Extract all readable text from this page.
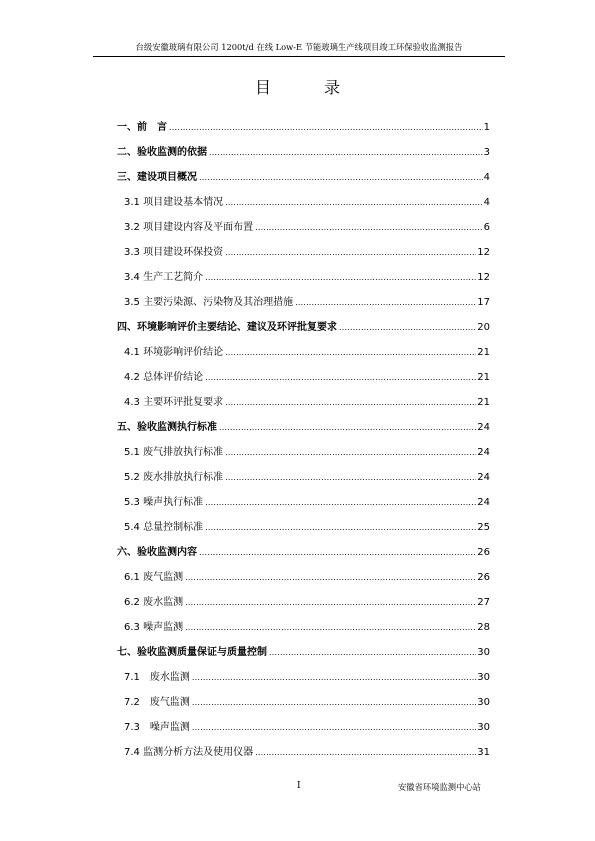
台级安徽玻璃有限公司 1200t/d 在线 Low-E 节能玻璃生产线项目竣工环保验收监测报告
目 录
一、前　言 .....	1
二、验收监测的依据 .....	3
三、建设项目概况 .....	4
3.1 项目建设基本情况 .....	4
3.2 项目建设内容及平面布置 .....	6
3.3 项目建设环保投资 .....	12
3.4 生产工艺简介 .....	12
3.5 主要污染源、污染物及其治理措施 .....	17
四、环境影响评价主要结论、建议及环评批复要求 .....	20
4.1 环境影响评价结论 .....	21
4.2 总体评价结论 .....	21
4.3 主要环评批复要求 .....	21
五、验收监测执行标准 .....	24
5.1 废气排放执行标准 .....	24
5.2 废水排放执行标准 .....	24
5.3 噪声执行标准 .....	24
5.4 总量控制标准 .....	25
六、验收监测内容 .....	26
6.1 废气监测 .....	26
6.2 废水监测 .....	27
6.3 噪声监测 .....	28
七、验收监测质量保证与质量控制 .....	30
7.1　废水监测 .....	30
7.2　废气监测 .....	30
7.3　噪声监测 .....	30
7.4 监测分析方法及使用仪器 .....	31
I	安徽省环境监测中心站
